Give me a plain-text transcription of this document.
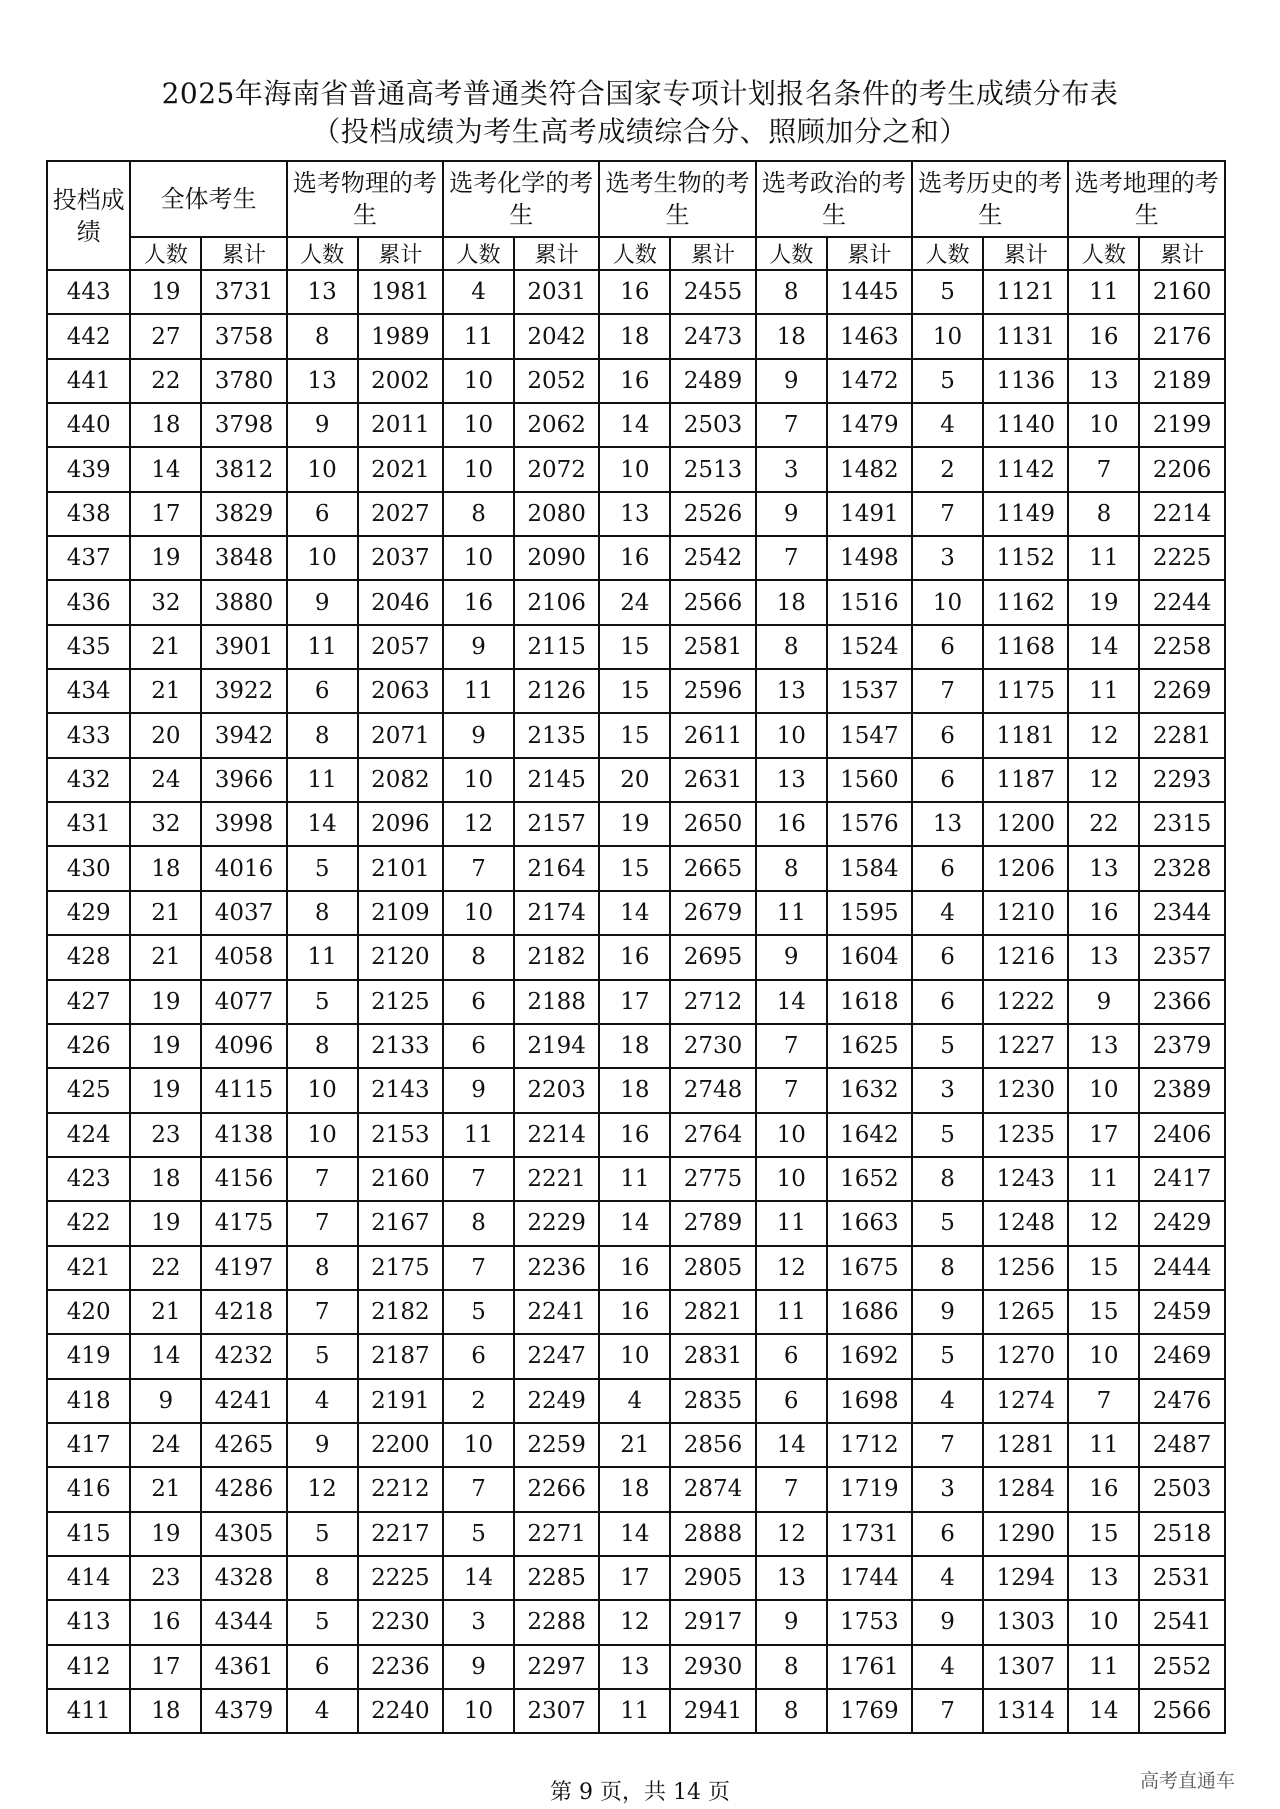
2025年海南省普通高考普通类符合国家专项计划报名条件的考生成绩分布表
（投档成绩为考生高考成绩综合分、照顾加分之和）
投档成绩	全体考生		选考物理的考生		选考化学的考生		选考生物的考生		选考政治的考生		选考历史的考生		选考地理的考生	
	人数	累计	人数	累计	人数	累计	人数	累计	人数	累计	人数	累计	人数	累计
443	19	3731	13	1981	4	2031	16	2455	8	1445	5	1121	11	2160
442	27	3758	8	1989	11	2042	18	2473	18	1463	10	1131	16	2176
441	22	3780	13	2002	10	2052	16	2489	9	1472	5	1136	13	2189
440	18	3798	9	2011	10	2062	14	2503	7	1479	4	1140	10	2199
439	14	3812	10	2021	10	2072	10	2513	3	1482	2	1142	7	2206
438	17	3829	6	2027	8	2080	13	2526	9	1491	7	1149	8	2214
437	19	3848	10	2037	10	2090	16	2542	7	1498	3	1152	11	2225
436	32	3880	9	2046	16	2106	24	2566	18	1516	10	1162	19	2244
435	21	3901	11	2057	9	2115	15	2581	8	1524	6	1168	14	2258
434	21	3922	6	2063	11	2126	15	2596	13	1537	7	1175	11	2269
433	20	3942	8	2071	9	2135	15	2611	10	1547	6	1181	12	2281
432	24	3966	11	2082	10	2145	20	2631	13	1560	6	1187	12	2293
431	32	3998	14	2096	12	2157	19	2650	16	1576	13	1200	22	2315
430	18	4016	5	2101	7	2164	15	2665	8	1584	6	1206	13	2328
429	21	4037	8	2109	10	2174	14	2679	11	1595	4	1210	16	2344
428	21	4058	11	2120	8	2182	16	2695	9	1604	6	1216	13	2357
427	19	4077	5	2125	6	2188	17	2712	14	1618	6	1222	9	2366
426	19	4096	8	2133	6	2194	18	2730	7	1625	5	1227	13	2379
425	19	4115	10	2143	9	2203	18	2748	7	1632	3	1230	10	2389
424	23	4138	10	2153	11	2214	16	2764	10	1642	5	1235	17	2406
423	18	4156	7	2160	7	2221	11	2775	10	1652	8	1243	11	2417
422	19	4175	7	2167	8	2229	14	2789	11	1663	5	1248	12	2429
421	22	4197	8	2175	7	2236	16	2805	12	1675	8	1256	15	2444
420	21	4218	7	2182	5	2241	16	2821	11	1686	9	1265	15	2459
419	14	4232	5	2187	6	2247	10	2831	6	1692	5	1270	10	2469
418	9	4241	4	2191	2	2249	4	2835	6	1698	4	1274	7	2476
417	24	4265	9	2200	10	2259	21	2856	14	1712	7	1281	11	2487
416	21	4286	12	2212	7	2266	18	2874	7	1719	3	1284	16	2503
415	19	4305	5	2217	5	2271	14	2888	12	1731	6	1290	15	2518
414	23	4328	8	2225	14	2285	17	2905	13	1744	4	1294	13	2531
413	16	4344	5	2230	3	2288	12	2917	9	1753	9	1303	10	2541
412	17	4361	6	2236	9	2297	13	2930	8	1761	4	1307	11	2552
411	18	4379	4	2240	10	2307	11	2941	8	1769	7	1314	14	2566
第 9 页，共 14 页	高考直通车
